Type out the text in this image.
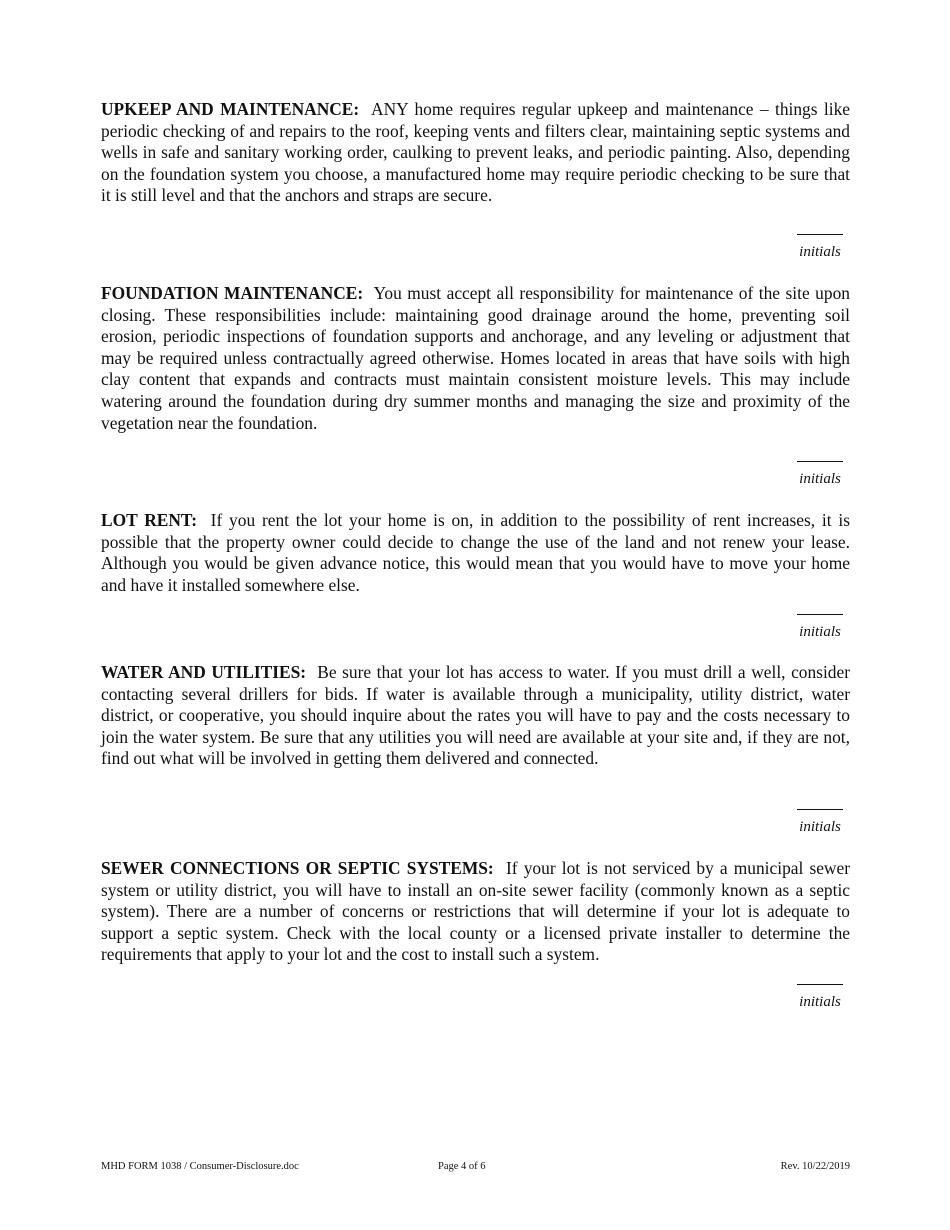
UPKEEP AND MAINTENANCE: ANY home requires regular upkeep and maintenance – things like periodic checking of and repairs to the roof, keeping vents and filters clear, maintaining septic systems and wells in safe and sanitary working order, caulking to prevent leaks, and periodic painting. Also, depending on the foundation system you choose, a manufactured home may require periodic checking to be sure that it is still level and that the anchors and straps are secure.

initials

FOUNDATION MAINTENANCE: You must accept all responsibility for maintenance of the site upon closing. These responsibilities include: maintaining good drainage around the home, preventing soil erosion, periodic inspections of foundation supports and anchorage, and any leveling or adjustment that may be required unless contractually agreed otherwise. Homes located in areas that have soils with high clay content that expands and contracts must maintain consistent moisture levels. This may include watering around the foundation during dry summer months and managing the size and proximity of the vegetation near the foundation.

initials

LOT RENT: If you rent the lot your home is on, in addition to the possibility of rent increases, it is possible that the property owner could decide to change the use of the land and not renew your lease. Although you would be given advance notice, this would mean that you would have to move your home and have it installed somewhere else.

initials

WATER AND UTILITIES: Be sure that your lot has access to water. If you must drill a well, consider contacting several drillers for bids. If water is available through a municipality, utility district, water district, or cooperative, you should inquire about the rates you will have to pay and the costs necessary to join the water system. Be sure that any utilities you will need are available at your site and, if they are not, find out what will be involved in getting them delivered and connected.

initials

SEWER CONNECTIONS OR SEPTIC SYSTEMS: If your lot is not serviced by a municipal sewer system or utility district, you will have to install an on-site sewer facility (commonly known as a septic system). There are a number of concerns or restrictions that will determine if your lot is adequate to support a septic system. Check with the local county or a licensed private installer to determine the requirements that apply to your lot and the cost to install such a system.

initials
MHD FORM 1038 / Consumer-Disclosure.doc	Page 4 of 6	Rev. 10/22/2019
